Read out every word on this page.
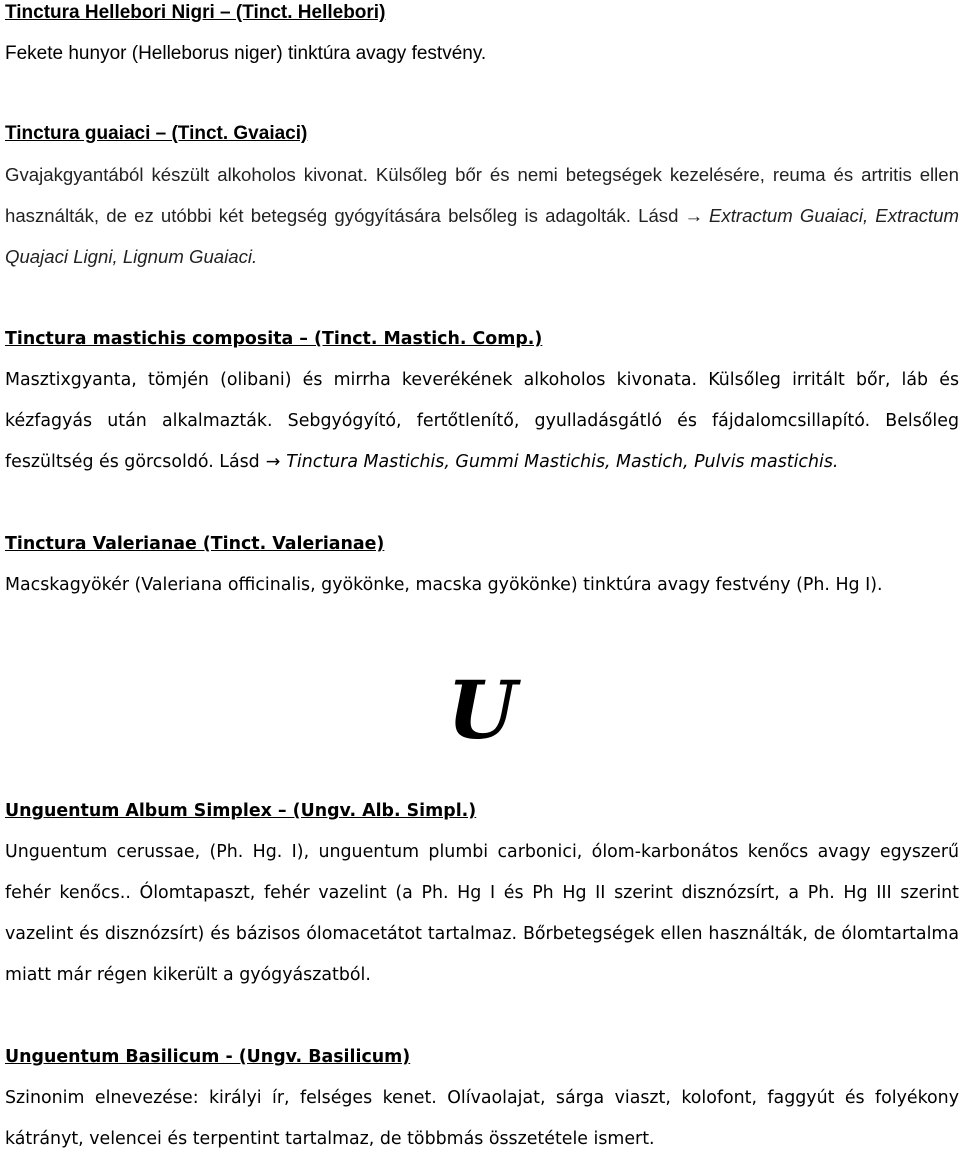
Tinctura Hellebori Nigri – (Tinct. Hellebori)

Fekete hunyor (Helleborus niger) tinktúra avagy festvény.

Tinctura guaiaci – (Tinct. Gvaiaci)

Gvajakgyantából készült alkoholos kivonat. Külsőleg bőr és nemi betegségek kezelésére, reuma és artritis ellen használták, de ez utóbbi két betegség gyógyítására belsőleg is adagolták. Lásd → Extractum Guaiaci, Extractum Quajaci Ligni, Lignum Guaiaci.

Tinctura mastichis composita – (Tinct. Mastich. Comp.)

Masztixgyanta, tömjén (olibani) és mirrha keverékének alkoholos kivonata. Külsőleg irritált bőr, láb és kézfagyás után alkalmazták. Sebgyógyító, fertőtlenítő, gyulladásgátló és fájdalomcsillapító. Belsőleg feszültség és görcsoldó. Lásd → Tinctura Mastichis, Gummi Mastichis, Mastich, Pulvis mastichis.

Tinctura Valerianae (Tinct. Valerianae)

Macskagyökér (Valeriana officinalis, gyökönke, macska gyökönke) tinktúra avagy festvény (Ph. Hg I).

U

Unguentum Album Simplex – (Ungv. Alb. Simpl.)

Unguentum cerussae, (Ph. Hg. I), unguentum plumbi carbonici, ólom-karbonátos kenőcs avagy egyszerű fehér kenőcs.. Ólomtapaszt, fehér vazelint (a Ph. Hg I és Ph Hg II szerint disznózsírt, a Ph. Hg III szerint vazelint és disznózsírt) és bázisos ólomacetátot tartalmaz. Bőrbetegségek ellen használták, de ólomtartalma miatt már régen kikerült a gyógyászatból.

Unguentum Basilicum - (Ungv. Basilicum)

Szinonim elnevezése: királyi ír, felséges kenet. Olívaolajat, sárga viaszt, kolofont, faggyút és folyékony kátrányt, velencei és terpentint tartalmaz, de többmás összetétele ismert.
